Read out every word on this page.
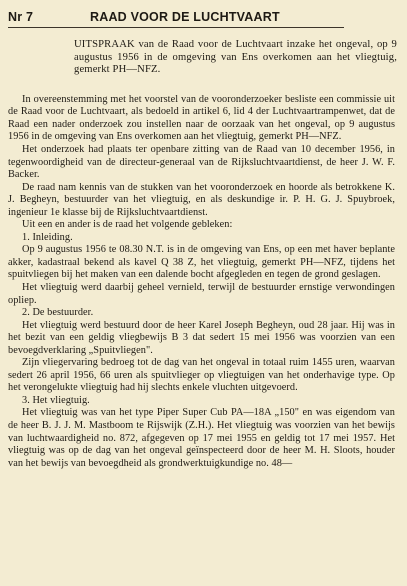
Nr 7	RAAD VOOR DE LUCHTVAART

UITSPRAAK van de Raad voor de Luchtvaart inzake het ongeval, op 9 augustus 1956 in de omgeving van Ens overkomen aan het vliegtuig, gemerkt PH—NFZ.

In overeenstemming met het voorstel van de vooronderzoeker besliste een commissie uit de Raad voor de Luchtvaart, als bedoeld in artikel 6, lid 4 der Luchtvaartrampenwet, dat de Raad een nader onderzoek zou instellen naar de oorzaak van het ongeval, op 9 augustus 1956 in de omgeving van Ens overkomen aan het vliegtuig, gemerkt PH—NFZ.

Het onderzoek had plaats ter openbare zitting van de Raad van 10 december 1956, in tegenwoordigheid van de directeur-generaal van de Rijksluchtvaartdienst, de heer J. W. F. Backer.

De raad nam kennis van de stukken van het vooronderzoek en hoorde als betrokkene K. J. Begheyn, bestuurder van het vliegtuig, en als deskundige ir. P. H. G. J. Spuybroek, ingenieur 1e klasse bij de Rijksluchtvaartdienst.

Uit een en ander is de raad het volgende gebleken:

1. Inleiding.

Op 9 augustus 1956 te 08.30 N.T. is in de omgeving van Ens, op een met haver beplante akker, kadastraal bekend als kavel Q 38 Z, het vliegtuig, gemerkt PH—NFZ, tijdens het spuitvliegen bij het maken van een dalende bocht afgegleden en tegen de grond geslagen.

Het vliegtuig werd daarbij geheel vernield, terwijl de bestuurder ernstige verwondingen opliep.

2. De bestuurder.

Het vliegtuig werd bestuurd door de heer Karel Joseph Begheyn, oud 28 jaar. Hij was in het bezit van een geldig vliegbewijs B 3 dat sedert 15 mei 1956 was voorzien van een bevoegdverklaring „Spuitvliegen".

Zijn vliegervaring bedroeg tot de dag van het ongeval in totaal ruim 1455 uren, waarvan sedert 26 april 1956, 66 uren als spuitvlieger op vliegtuigen van het onderhavige type. Op het verongelukte vliegtuig had hij slechts enkele vluchten uitgevoerd.

3. Het vliegtuig.

Het vliegtuig was van het type Piper Super Cub PA—18A „150" en was eigendom van de heer B. J. J. M. Mastboom te Rijswijk (Z.H.). Het vliegtuig was voorzien van het bewijs van luchtwaardigheid no. 872, afgegeven op 17 mei 1955 en geldig tot 17 mei 1957. Het vliegtuig was op de dag van het ongeval geïnspecteerd door de heer M. H. Sloots, houder van het bewijs van bevoegdheid als grondwerktuigkundige no. 48—
